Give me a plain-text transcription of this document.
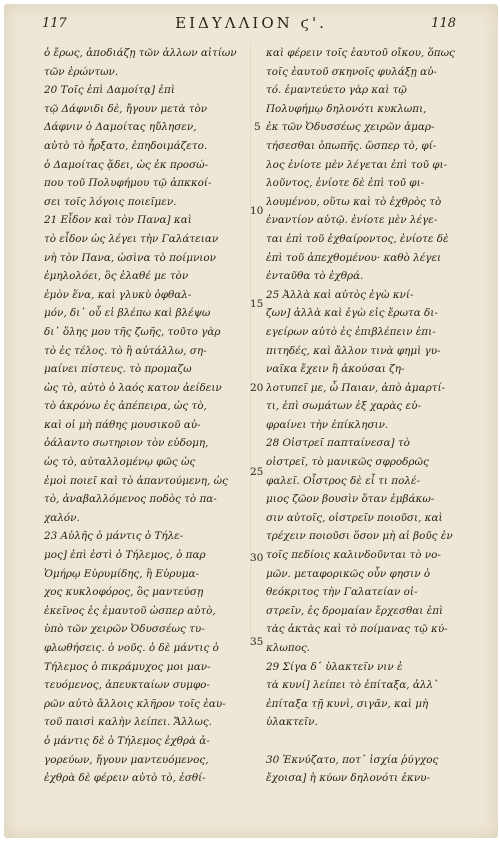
117	ΕΙΔΥΛΛΙΟΝ ϛ'.	118
ὁ ἔρως, ἀποδιάζῃ τῶν ἀλλων αἰτίων
τῶν ἐρώντων.
20 Τοῖς ἐπὶ Δαμοίτᾳ] ἐπὶ
τῷ Δάφνιδι δὲ, ἤγουν μετὰ τὸν
Δάφνιν ὁ Δαμοίτας ηὔλησεν,
αὐτὸ τὸ ἦρξατο, ἐπηδοιμάζετο.
ὁ Δαμοίτας ᾄδει, ὡς ἐκ προσώ-
που τοῦ Πολυφήμου τῷ ἀπκκοί-
σει τοῖς λόγοις ποιεῖμεν.
21 Εἶδον καὶ τὸν Πανα] καὶ
τὸ εἶδον ὡς λέγει τὴν Γαλάτειαν
νὴ τὸν Πανα, ὡσὶνα τὸ ποίμνιον
ἐμηλολόει, ὃς ἐλαθέ με τὸν
ἐμὸν ἕνα, καὶ γλυκὺ ὀφθαλ-
μόν, δι᾽ οὗ εἰ βλέπω καὶ βλέψω
δι᾽ ὅλης μου τῆς ζωῆς, τοῦτο γὰρ
τὸ ἐς τέλος. τὸ ἢ αὐτάλλω, ση-
μαίνει πίστευς. τὸ προμαζω
ὡς τὸ, αὐτὸ ὁ λαός κατον ἀείδειν
τὸ ἀκρόνω ἐς ἀπέπειρα, ὡς τὸ,
καὶ οἱ μὴ πάθης μουσικοῦ αὐ-
ὀάλαντο σωτηριον τὸν εὐδομη,
ὡς τὸ, αὐταλλομένῳ φῶς ὡς
ἐμοὶ ποιεῖ καὶ τὸ ἀπαντούμενη, ὡς
τὸ, ἀναβαλλόμενος ποδὸς τὸ πα-
χαλόν.
23 Αὐλῆς ὁ μάντις ὁ Τήλε-
μος] ἐπὶ ἐστὶ ὁ Τήλεμος, ὁ παρ
Ὁμήρῳ Εὐρυμίδης, ἢ Εὐρυμα-
χος κυκλοφόρος, ὃς μαντεύσῃ
ἐκεῖνος ἐς ἐμαυτοῦ ὡσπερ αὐτὸ,
ὑπὸ τῶν χειρῶν Ὀδυσσέως τυ-
φλωθήσεις. ὁ νοῦς. ὁ δὲ μάντις ὁ
Τήλεμος ὁ πικράμυχος μοι μαν-
τευόμενος, ἀπευκταίων συμφο-
ρῶν αὐτὸ ἄλλοις κλῆρον τοῖς ἑαυ-
τοῦ παισὶ καλὴν λείπει. Ἄλλως.
ὁ μάντις δὲ ὁ Τήλεμος ἐχθρὰ ἀ-
γορεύων, ἤγουν μαντευόμενος,
ἐχθρὰ δὲ φέρειν αὐτὸ τὸ, ἐσθί-
καὶ φέρειν τοῖς ἑαυτοῦ οἴκου, ὅπως
τοῖς ἑαυτοῦ σκηνοῖς φυλάξῃ αὐ-
τό. ἐμαντεύετο γὰρ καὶ τῷ
Πολυφήμῳ δηλονότι κυκλωπι,
ἐκ τῶν Ὀδυσσέως χειρῶν ἁμαρ-
τήσεσθαι ὁπωπῆς. ὥσπερ τὸ, φί-
λος ἐνίοτε μὲν λέγεται ἐπὶ τοῦ φι-
λοῦντος, ἐνίοτε δὲ ἐπὶ τοῦ φι-
λουμένου, οὕτω καὶ τὸ ἐχθρὸς τὸ
ἐναντίον αὐτῷ. ἐνίοτε μὲν λέγε-
ται ἐπὶ τοῦ ἐχθαίροντος, ἐνίοτε δὲ
ἐπὶ τοῦ ἀπεχθομένου· καθὸ λέγει
ἐνταῦθα τὸ ἐχθρά.
25 Ἀλλὰ καὶ αὐτὸς ἐγὼ κνί-
ζων] ἀλλὰ καὶ ἐγὼ εἰς ἔρωτα δι-
εγείρων αὐτὸ ἐς ἐπιβλέπειν ἐπι-
πιτηδές, καὶ ἄλλον τινὰ φημὶ γυ-
ναῖκα ἔχειν ἢ ἀκούσαι ζη-
λοτυπεῖ με, ὦ Παιαν, ἀπὸ ἁμαρτί-
τι, ἐπὶ σωμάτων ἐξ χαρὰς εὐ-
φραίνει τὴν ἐπίκλησιν.
28 Οἰστρεῖ παπταίνεσα] τὸ
οἰστρεῖ, τὸ μανικῶς σφροδρῶς
φαλεῖ. Οἶστρος δὲ εἶ τι πολέ-
μιος ζῶον βουσὶν ὅταν ἐμβάκω-
σιν αὐτοῖς, οἰστρεῖν ποιοῦσι, καὶ
τρέχειν ποιοῦσι ὅσον μὴ αἱ βοῦς ἐν
τοῖς πεδίοις καλινδοῦνται τὸ νο-
μῶν. μεταφορικῶς οὖν φησιν ὁ
θεόκριτος τὴν Γαλατείαν οἰ-
στρεῖν, ἐς δρομαίαν ἔρχεσθαι ἐπὶ
τὰς ἀκτὰς καὶ τὸ ποίμανας τῷ κύ-
κλωπος.
29 Σίγα δ᾽ ὑλακτεῖν νιν ἐ
τὰ κυνί] λείπει τὸ ἐπίταξα, ἀλλ᾽
ἐπίταξα τῇ κυνὶ, σιγᾶν, καὶ μὴ
ὑλακτεῖν.
30 Ἐκνύζατο, ποτ᾽ ἰσχία ῥύγχος
ἔχοισα] ἡ κύων δηλονότι ἐκνυ-
5
10
15
20
25
30
35
